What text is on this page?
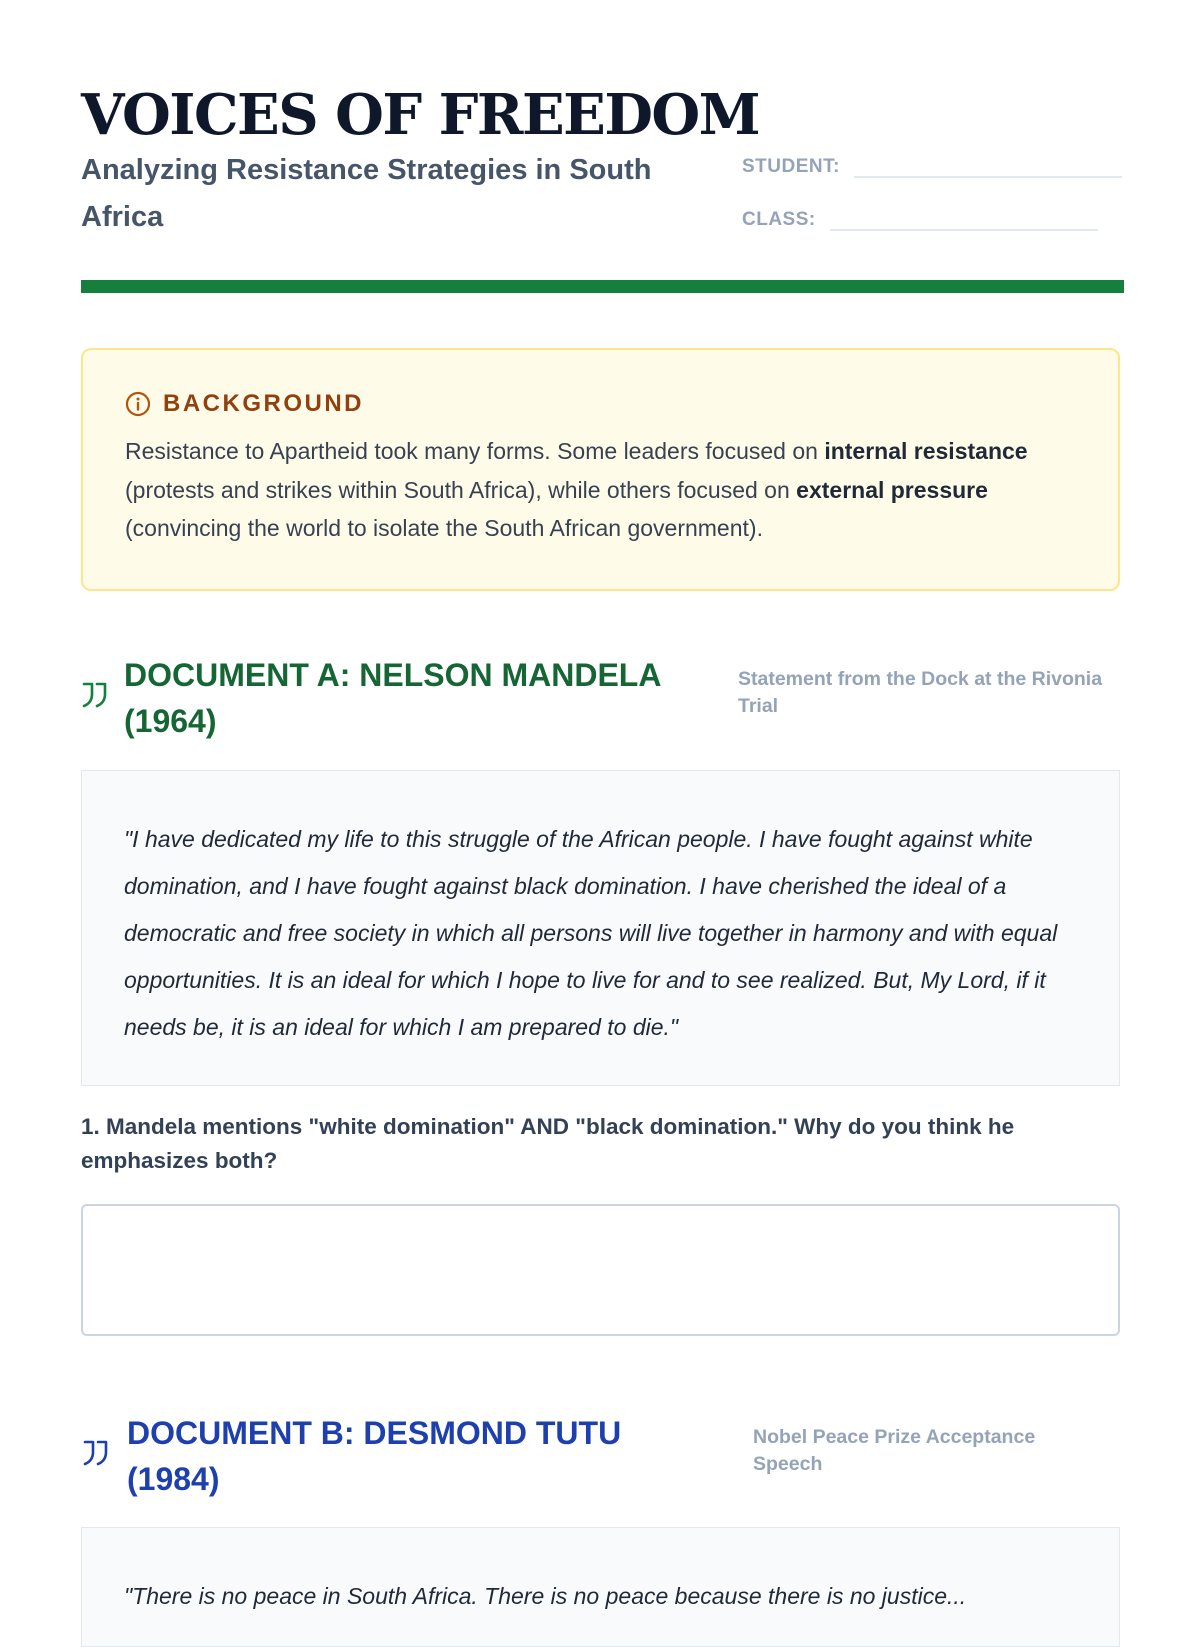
VOICES OF FREEDOM
Analyzing Resistance Strategies in South Africa
STUDENT:
CLASS:
BACKGROUND
Resistance to Apartheid took many forms. Some leaders focused on internal resistance (protests and strikes within South Africa), while others focused on external pressure (convincing the world to isolate the South African government).
DOCUMENT A: NELSON MANDELA (1964)
Statement from the Dock at the Rivonia Trial
"I have dedicated my life to this struggle of the African people. I have fought against white domination, and I have fought against black domination. I have cherished the ideal of a democratic and free society in which all persons will live together in harmony and with equal opportunities. It is an ideal for which I hope to live for and to see realized. But, My Lord, if it needs be, it is an ideal for which I am prepared to die."
1. Mandela mentions "white domination" AND "black domination." Why do you think he emphasizes both?
DOCUMENT B: DESMOND TUTU (1984)
Nobel Peace Prize Acceptance Speech
"There is no peace in South Africa. There is no peace because there is no justice...
